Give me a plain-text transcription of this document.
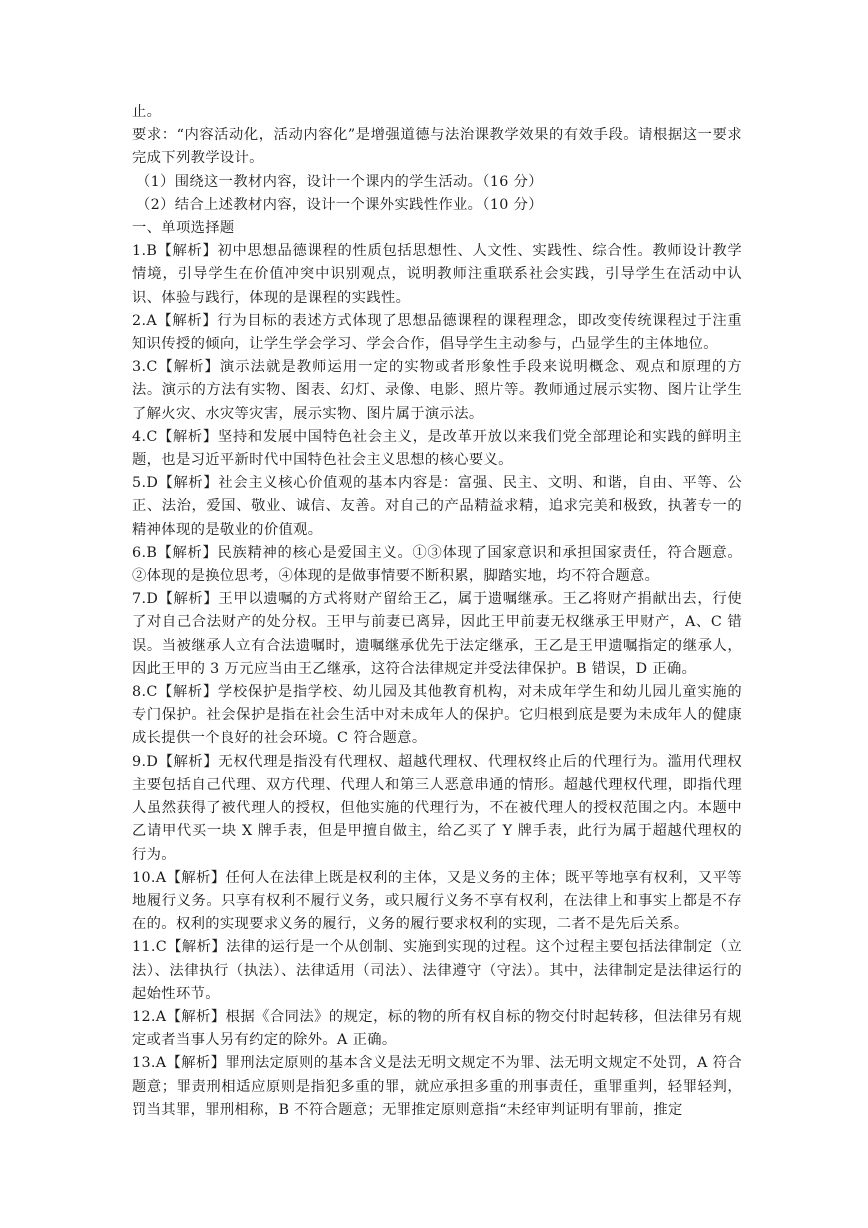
止。

要求：“内容活动化，活动内容化”是增强道德与法治课教学效果的有效手段。请根据这一要求完成下列教学设计。

（1）围绕这一教材内容，设计一个课内的学生活动。（16 分）

（2）结合上述教材内容，设计一个课外实践性作业。（10 分）

一、单项选择题

1.B【解析】初中思想品德课程的性质包括思想性、人文性、实践性、综合性。教师设计教学情境，引导学生在价值冲突中识别观点，说明教师注重联系社会实践，引导学生在活动中认识、体验与践行，体现的是课程的实践性。

2.A【解析】行为目标的表述方式体现了思想品德课程的课程理念，即改变传统课程过于注重知识传授的倾向，让学生学会学习、学会合作，倡导学生主动参与，凸显学生的主体地位。

3.C【解析】演示法就是教师运用一定的实物或者形象性手段来说明概念、观点和原理的方法。演示的方法有实物、图表、幻灯、录像、电影、照片等。教师通过展示实物、图片让学生了解火灾、水灾等灾害，展示实物、图片属于演示法。

4.C【解析】坚持和发展中国特色社会主义，是改革开放以来我们党全部理论和实践的鲜明主题，也是习近平新时代中国特色社会主义思想的核心要义。

5.D【解析】社会主义核心价值观的基本内容是：富强、民主、文明、和谐，自由、平等、公正、法治，爱国、敬业、诚信、友善。对自己的产品精益求精，追求完美和极致，执著专一的精神体现的是敬业的价值观。

6.B【解析】民族精神的核心是爱国主义。①③体现了国家意识和承担国家责任，符合题意。②体现的是换位思考，④体现的是做事情要不断积累，脚踏实地，均不符合题意。

7.D【解析】王甲以遗嘱的方式将财产留给王乙，属于遗嘱继承。王乙将财产捐献出去，行使了对自己合法财产的处分权。王甲与前妻已离异，因此王甲前妻无权继承王甲财产，A、C 错误。当被继承人立有合法遗嘱时，遗嘱继承优先于法定继承，王乙是王甲遗嘱指定的继承人，因此王甲的 3 万元应当由王乙继承，这符合法律规定并受法律保护。B 错误，D 正确。

8.C【解析】学校保护是指学校、幼儿园及其他教育机构，对未成年学生和幼儿园儿童实施的专门保护。社会保护是指在社会生活中对未成年人的保护。它归根到底是要为未成年人的健康成长提供一个良好的社会环境。C 符合题意。

9.D【解析】无权代理是指没有代理权、超越代理权、代理权终止后的代理行为。滥用代理权主要包括自己代理、双方代理、代理人和第三人恶意串通的情形。超越代理权代理，即指代理人虽然获得了被代理人的授权，但他实施的代理行为，不在被代理人的授权范围之内。本题中乙请甲代买一块 X 牌手表，但是甲擅自做主，给乙买了 Y 牌手表，此行为属于超越代理权的行为。

10.A【解析】任何人在法律上既是权利的主体，又是义务的主体；既平等地享有权利，又平等地履行义务。只享有权利不履行义务，或只履行义务不享有权利，在法律上和事实上都是不存在的。权利的实现要求义务的履行，义务的履行要求权利的实现，二者不是先后关系。

11.C【解析】法律的运行是一个从创制、实施到实现的过程。这个过程主要包括法律制定（立法）、法律执行（执法）、法律适用（司法）、法律遵守（守法）。其中，法律制定是法律运行的起始性环节。

12.A【解析】根据《合同法》的规定，标的物的所有权自标的物交付时起转移，但法律另有规定或者当事人另有约定的除外。A 正确。

13.A【解析】罪刑法定原则的基本含义是法无明文规定不为罪、法无明文规定不处罚，A 符合题意；罪责刑相适应原则是指犯多重的罪，就应承担多重的刑事责任，重罪重判，轻罪轻判，罚当其罪，罪刑相称，B 不符合题意；无罪推定原则意指“未经审判证明有罪前，推定
